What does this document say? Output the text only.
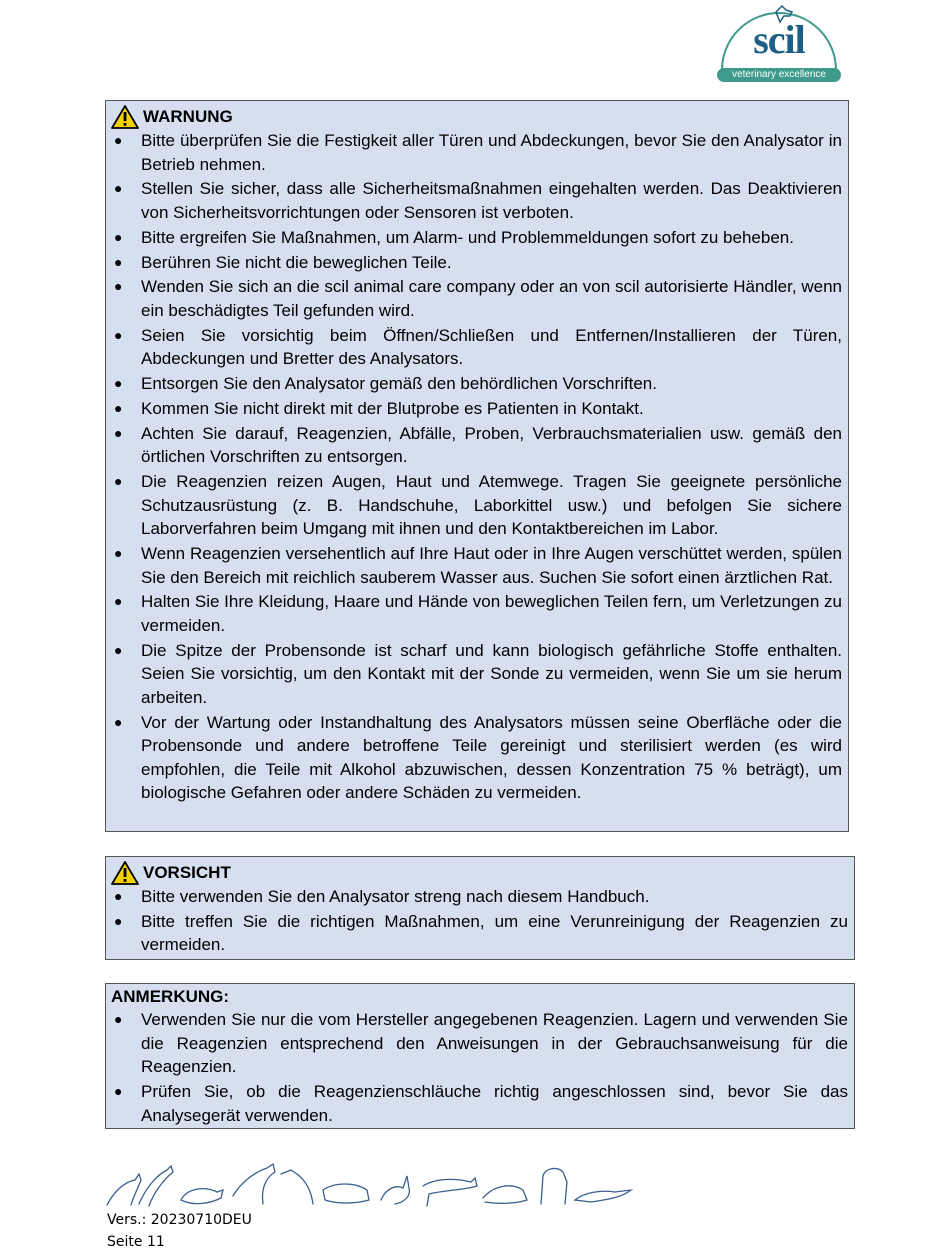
scil
veterinary excellence
WARNUNG
● Bitte überprüfen Sie die Festigkeit aller Türen und Abdeckungen, bevor Sie den Analysator in Betrieb nehmen.
● Stellen Sie sicher, dass alle Sicherheitsmaßnahmen eingehalten werden. Das Deaktivieren von Sicherheitsvorrichtungen oder Sensoren ist verboten.
● Bitte ergreifen Sie Maßnahmen, um Alarm- und Problemmeldungen sofort zu beheben.
● Berühren Sie nicht die beweglichen Teile.
● Wenden Sie sich an die scil animal care company oder an von scil autorisierte Händler, wenn ein beschädigtes Teil gefunden wird.
● Seien Sie vorsichtig beim Öffnen/Schließen und Entfernen/Installieren der Türen, Abdeckungen und Bretter des Analysators.
● Entsorgen Sie den Analysator gemäß den behördlichen Vorschriften.
● Kommen Sie nicht direkt mit der Blutprobe es Patienten in Kontakt.
● Achten Sie darauf, Reagenzien, Abfälle, Proben, Verbrauchsmaterialien usw. gemäß den örtlichen Vorschriften zu entsorgen.
● Die Reagenzien reizen Augen, Haut und Atemwege. Tragen Sie geeignete persönliche Schutzausrüstung (z. B. Handschuhe, Laborkittel usw.) und befolgen Sie sichere Laborverfahren beim Umgang mit ihnen und den Kontaktbereichen im Labor.
● Wenn Reagenzien versehentlich auf Ihre Haut oder in Ihre Augen verschüttet werden, spülen Sie den Bereich mit reichlich sauberem Wasser aus. Suchen Sie sofort einen ärztlichen Rat.
● Halten Sie Ihre Kleidung, Haare und Hände von beweglichen Teilen fern, um Verletzungen zu vermeiden.
● Die Spitze der Probensonde ist scharf und kann biologisch gefährliche Stoffe enthalten. Seien Sie vorsichtig, um den Kontakt mit der Sonde zu vermeiden, wenn Sie um sie herum arbeiten.
● Vor der Wartung oder Instandhaltung des Analysators müssen seine Oberfläche oder die Probensonde und andere betroffene Teile gereinigt und sterilisiert werden (es wird empfohlen, die Teile mit Alkohol abzuwischen, dessen Konzentration 75 % beträgt), um biologische Gefahren oder andere Schäden zu vermeiden.
VORSICHT
● Bitte verwenden Sie den Analysator streng nach diesem Handbuch.
● Bitte treffen Sie die richtigen Maßnahmen, um eine Verunreinigung der Reagenzien zu vermeiden.
ANMERKUNG:
● Verwenden Sie nur die vom Hersteller angegebenen Reagenzien. Lagern und verwenden Sie die Reagenzien entsprechend den Anweisungen in der Gebrauchsanweisung für die Reagenzien.
● Prüfen Sie, ob die Reagenzienschläuche richtig angeschlossen sind, bevor Sie das Analysegerät verwenden.
Vers.: 20230710DEU
Seite 11
